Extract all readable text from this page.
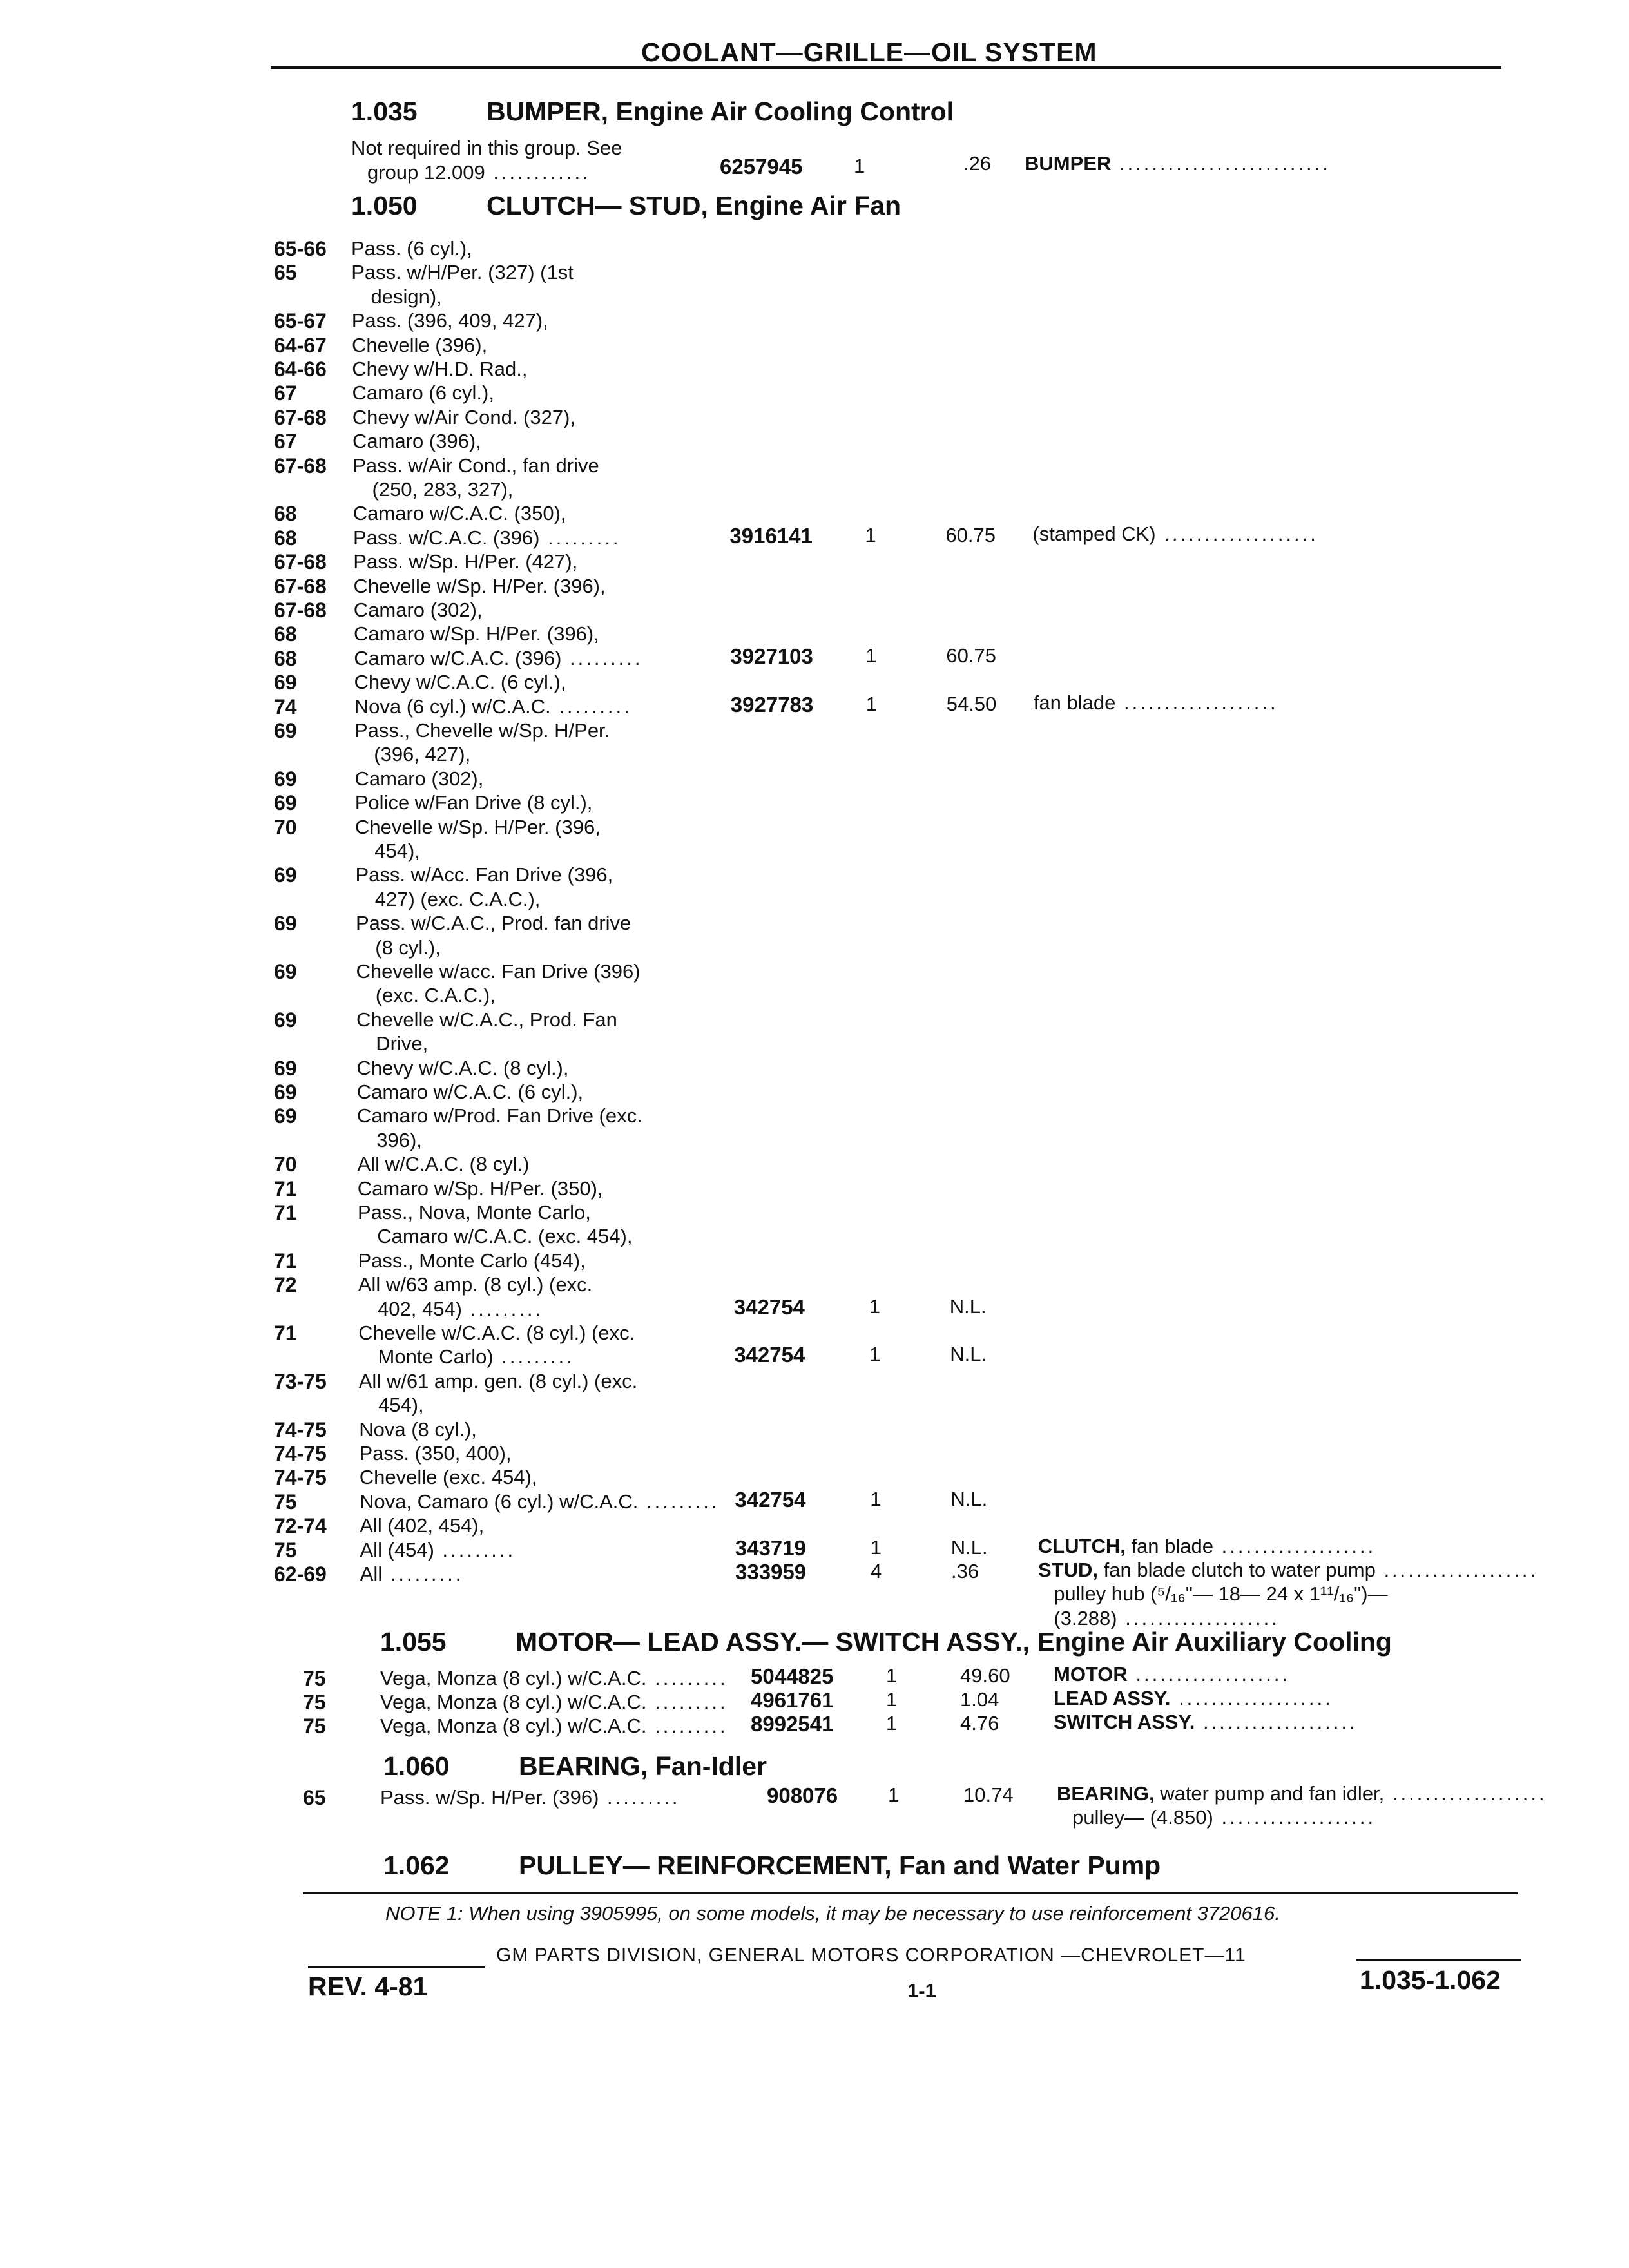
COOLANT—GRILLE—OIL SYSTEM
1.035	BUMPER, Engine Air Cooling Control
Not required in this group. See
group 12.009 ............	6257945	1	.26 BUMPER ..........................
1.050	CLUTCH— STUD, Engine Air Fan
65-66 Pass. (6 cyl.),
65	Pass. w/H/Per. (327) (1st
design),
65-67 Pass. (396, 409, 427),
64-67 Chevelle (396),
64-66 Chevy w/H.D. Rad.,
67	Camaro (6 cyl.),
67-68 Chevy w/Air Cond. (327),
67	Camaro (396),
67-68 Pass. w/Air Cond., fan drive
(250, 283, 327),
68	Camaro w/C.A.C. (350),
68	Pass. w/C.A.C. (396) .........	3916141	1	60.75 (stamped CK) ...................
67-68 Pass. w/Sp. H/Per. (427),
67-68 Chevelle w/Sp. H/Per. (396),
67-68 Camaro (302),
68	Camaro w/Sp. H/Per. (396),
68	Camaro w/C.A.C. (396) .........	3927103	1	60.75
69	Chevy w/C.A.C. (6 cyl.),
74	Nova (6 cyl.) w/C.A.C. .........	3927783	1	54.50 fan blade ...................
69	Pass., Chevelle w/Sp. H/Per.
(396, 427),
69	Camaro (302),
69	Police w/Fan Drive (8 cyl.),
70	Chevelle w/Sp. H/Per. (396,
454),
69	Pass. w/Acc. Fan Drive (396,
427) (exc. C.A.C.),
69	Pass. w/C.A.C., Prod. fan drive
(8 cyl.),
69	Chevelle w/acc. Fan Drive (396)
(exc. C.A.C.),
69	Chevelle w/C.A.C., Prod. Fan
Drive,
69	Chevy w/C.A.C. (8 cyl.),
69	Camaro w/C.A.C. (6 cyl.),
69	Camaro w/Prod. Fan Drive (exc.
396),
70	All w/C.A.C. (8 cyl.)
71	Camaro w/Sp. H/Per. (350),
71	Pass., Nova, Monte Carlo,
Camaro w/C.A.C. (exc. 454),
71	Pass., Monte Carlo (454),
72	All w/63 amp. (8 cyl.) (exc.
402, 454) .........	342754	1	N.L.
71	Chevelle w/C.A.C. (8 cyl.) (exc.
Monte Carlo) .........	342754	1	N.L.
73-75 All w/61 amp. gen. (8 cyl.) (exc.
454),
74-75 Nova (8 cyl.),
74-75 Pass. (350, 400),
74-75 Chevelle (exc. 454),
75	Nova, Camaro (6 cyl.) w/C.A.C. ......... 342754	1	N.L.
72-74 All (402, 454),
75	All (454) .........	343719	1	N.L.	CLUTCH, fan blade ...................
62-69 All .........	333959	4	.36	STUD, fan blade clutch to water pump ...................
pulley hub (⁵/₁₆"— 18— 24 x 1¹¹/₁₆")—
(3.288) ...................
1.055	MOTOR— LEAD ASSY.— SWITCH ASSY., Engine Air Auxiliary Cooling
75	Vega, Monza (8 cyl.) w/C.A.C. ......... 5044825	1	49.60 MOTOR ...................
75	Vega, Monza (8 cyl.) w/C.A.C. ......... 4961761	1	1.04	LEAD ASSY. ...................
75	Vega, Monza (8 cyl.) w/C.A.C. ......... 8992541	1	4.76	SWITCH ASSY. ...................
1.060	BEARING, Fan-Idler
65	Pass. w/Sp. H/Per. (396) .........	908076	1	10.74 BEARING, water pump and fan idler, ...................
pulley— (4.850) ...................
1.062	PULLEY— REINFORCEMENT, Fan and Water Pump
NOTE 1: When using 3905995, on some models, it may be necessary to use reinforcement 3720616.
GM PARTS DIVISION, GENERAL MOTORS CORPORATION —CHEVROLET—11
REV. 4-81	1-1	1.035-1.062
